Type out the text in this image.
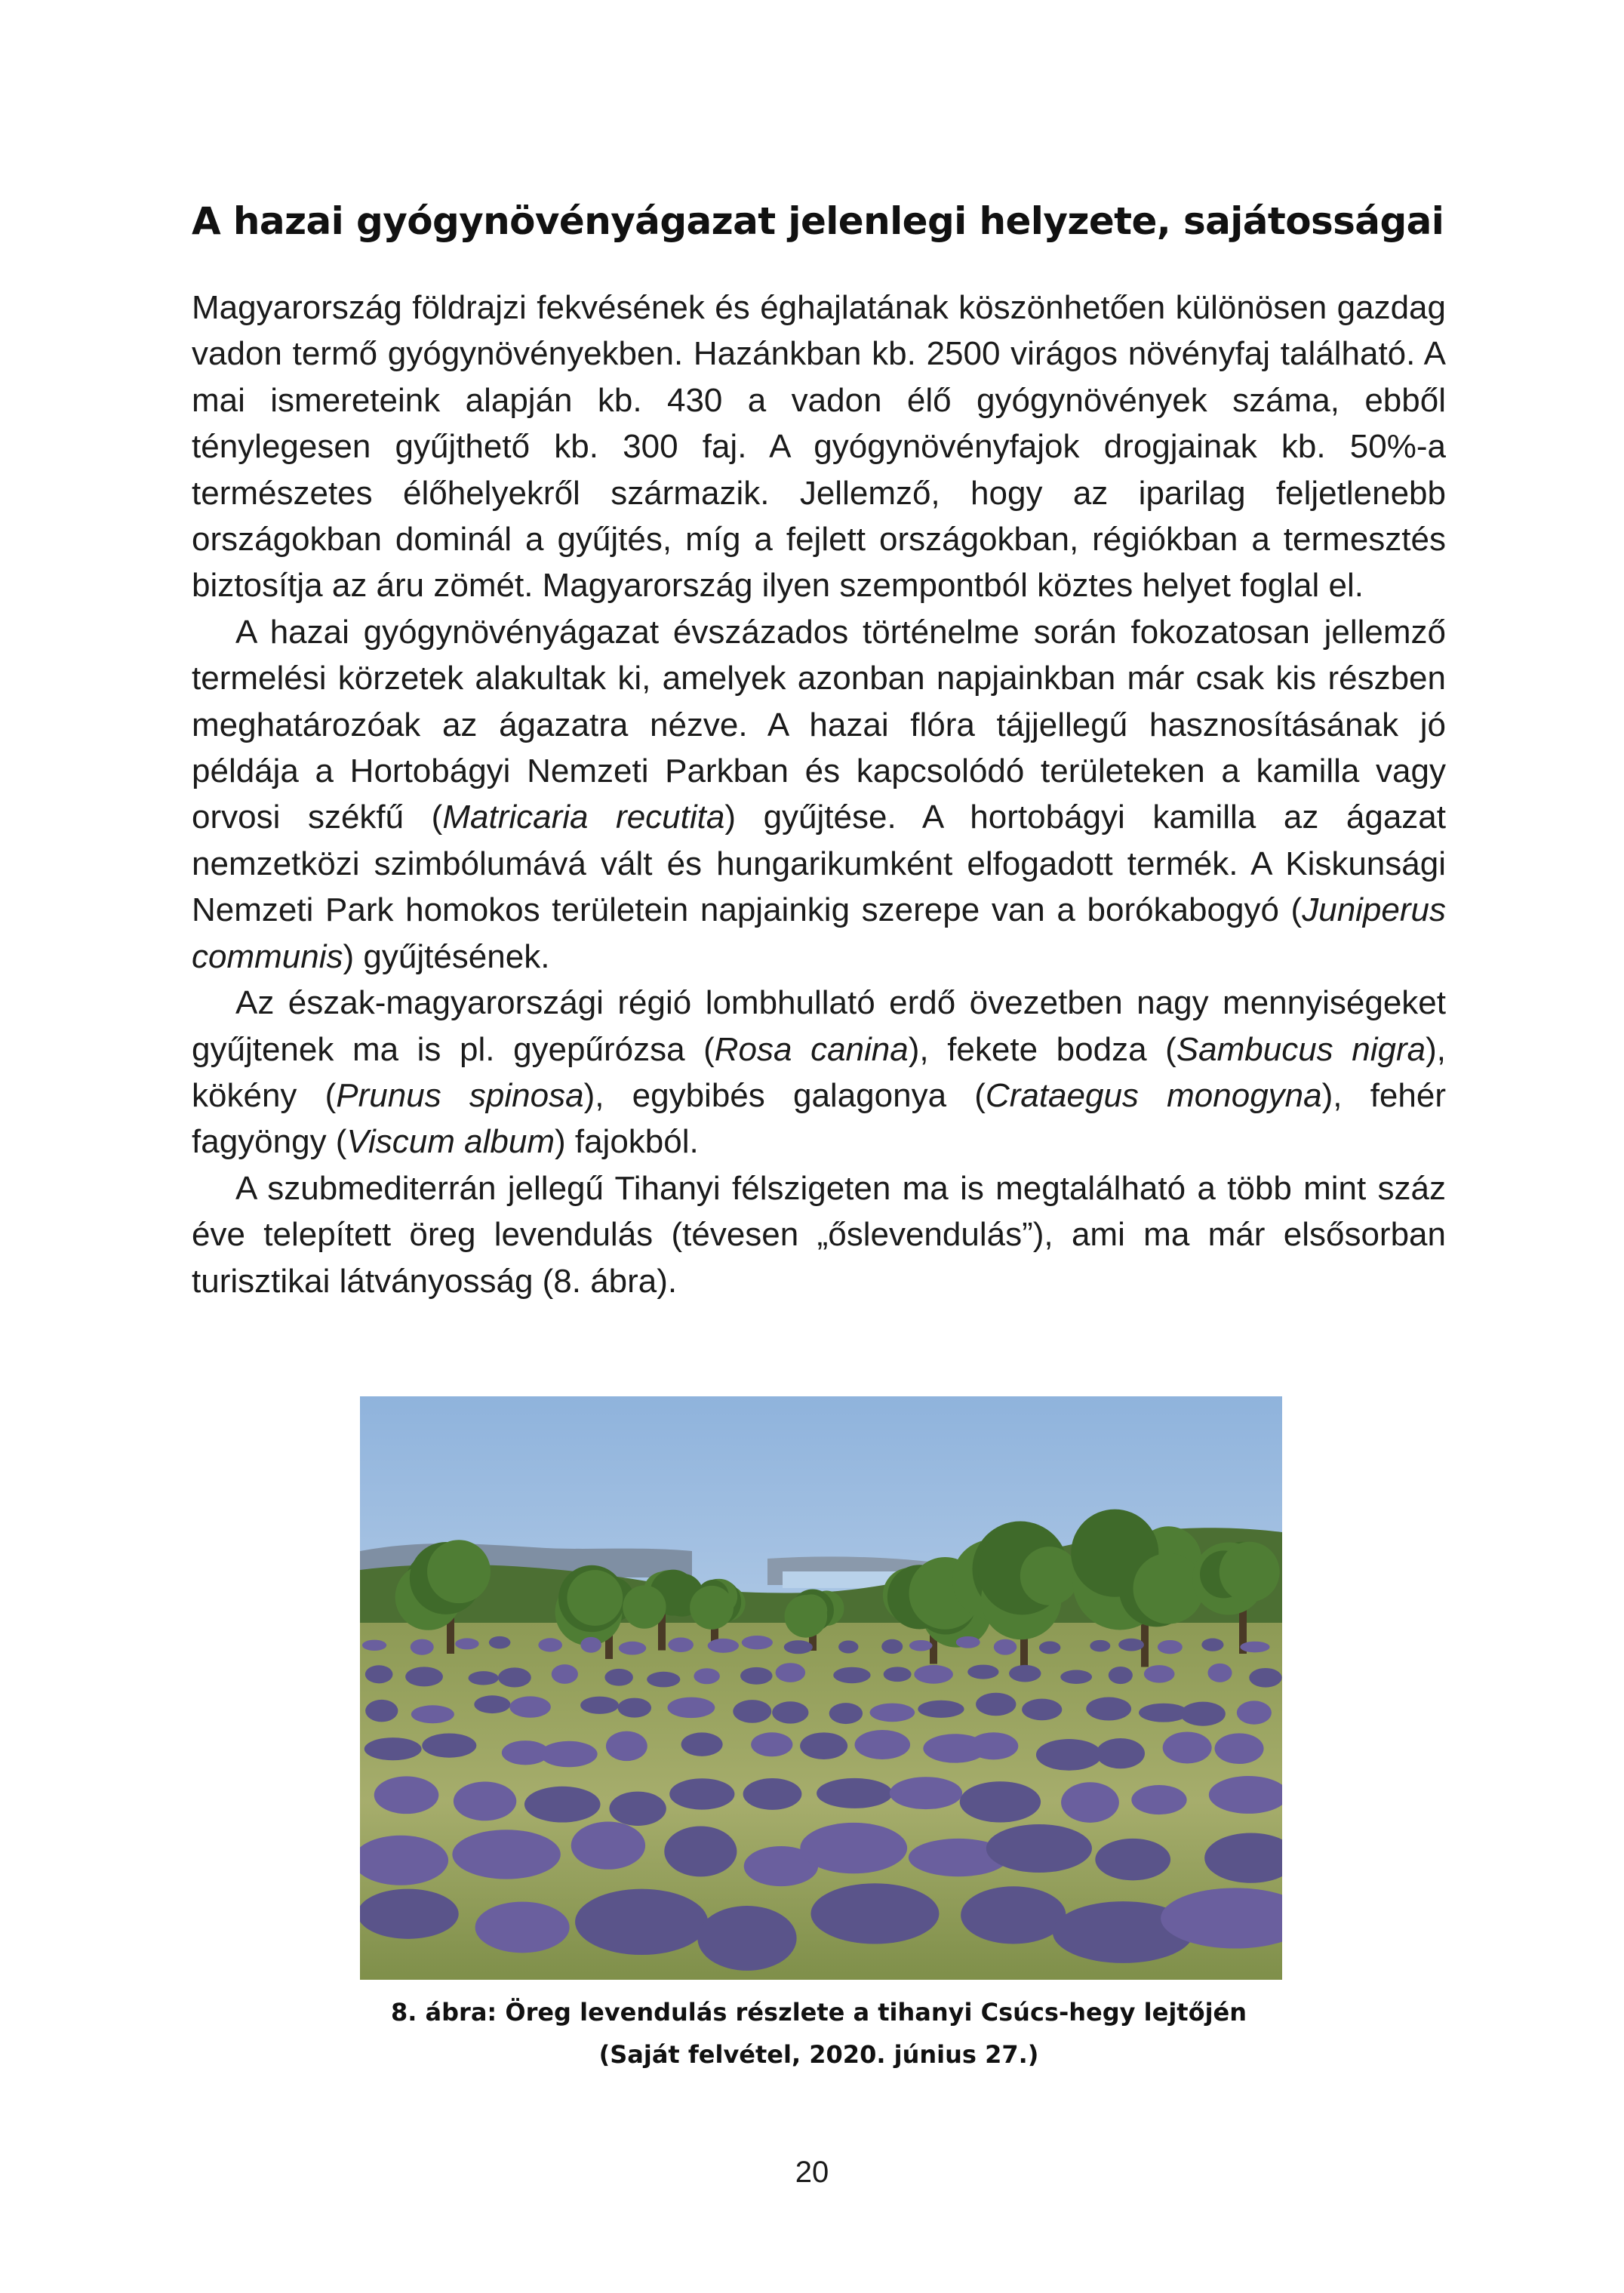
A hazai gyógynövényágazat jelenlegi helyzete, sajátosságai

Magyarország földrajzi fekvésének és éghajlatának köszönhetően különösen gazdag vadon termő gyógynövényekben. Hazánkban kb. 2500 virágos növényfaj található. A mai ismereteink alapján kb. 430 a vadon élő gyógynövények száma, ebből ténylegesen gyűjthető kb. 300 faj. A gyógynövényfajok drogjainak kb. 50%-a természetes élőhelyekről származik. Jellemző, hogy az iparilag feljetlenebb országokban dominál a gyűjtés, míg a fejlett országokban, régiókban a termesztés biztosítja az áru zömét. Magyarország ilyen szempontból köztes helyet foglal el.

A hazai gyógynövényágazat évszázados történelme során fokozatosan jellemző termelési körzetek alakultak ki, amelyek azonban napjainkban már csak kis részben meghatározóak az ágazatra nézve. A hazai flóra tájjellegű hasznosításának jó példája a Hortobágyi Nemzeti Parkban és kapcsolódó területeken a kamilla vagy orvosi székfű (Matricaria recutita) gyűjtése. A hortobágyi kamilla az ágazat nemzetközi szimbólumává vált és hungarikumként elfogadott termék. A Kiskunsági Nemzeti Park homokos területein napjainkig szerepe van a borókabogyó (Juniperus communis) gyűjtésének.

Az észak-magyarországi régió lombhullató erdő övezetben nagy mennyiségeket gyűjtenek ma is pl. gyepűrózsa (Rosa canina), fekete bodza (Sambucus nigra), kökény (Prunus spinosa), egybibés galagonya (Crataegus monogyna), fehér fagyöngy (Viscum album) fajokból.

A szubmediterrán jellegű Tihanyi félszigeten ma is megtalálható a több mint száz éve telepített öreg levendulás (tévesen „őslevendulás”), ami ma már elsősorban turisztikai látványosság (8. ábra).

8. ábra: Öreg levendulás részlete a tihanyi Csúcs-hegy lejtőjén
(Saját felvétel, 2020. június 27.)
20
